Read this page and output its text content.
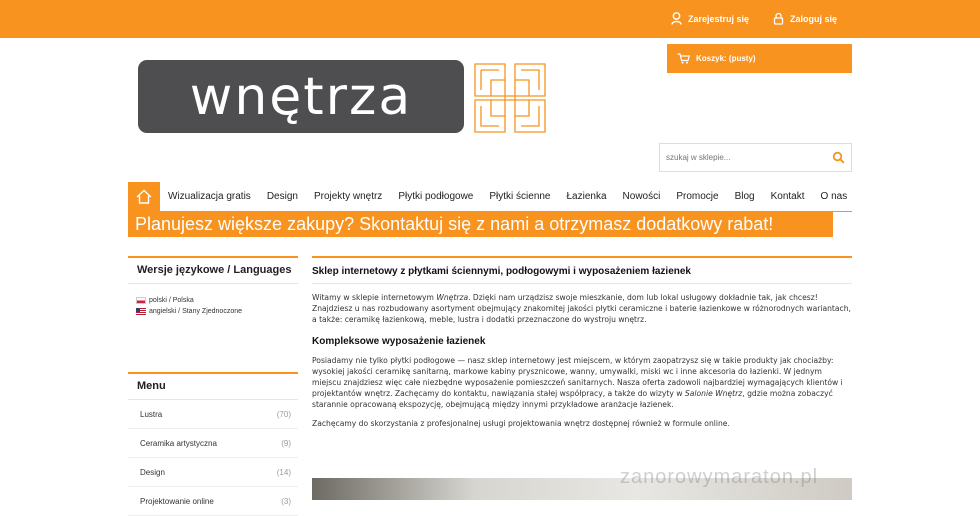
Zarejestruj się	Zaloguj się
wnętrza
Koszyk: (pusty)
szukaj w sklepie...
Wizualizacja gratis	Design	Projekty wnętrz	Płytki podłogowe	Płytki ścienne	Łazienka	Nowości	Promocje	Blog	Kontakt	O nas
Planujesz większe zakupy? Skontaktuj się z nami a otrzymasz dodatkowy rabat!
Wersje językowe / Languages
polski / Polska
angielski / Stany Zjednoczone
Menu
Lustra	(70)
Ceramika artystyczna	(9)
Design	(14)
Projektowanie online	(3)
Sklep internetowy z płytkami ściennymi, podłogowymi i wyposażeniem łazienek

Witamy w sklepie internetowym Wnętrza. Dzięki nam urządzisz swoje mieszkanie, dom lub lokal usługowy dokładnie tak, jak chcesz! Znajdziesz u nas rozbudowany asortyment obejmujący znakomitej jakości płytki ceramiczne i baterie łazienkowe w różnorodnych wariantach, a także: ceramikę łazienkową, meble, lustra i dodatki przeznaczone do wystroju wnętrz.

Kompleksowe wyposażenie łazienek

Posiadamy nie tylko płytki podłogowe — nasz sklep internetowy jest miejscem, w którym zaopatrzysz się w takie produkty jak chociażby: wysokiej jakości ceramikę sanitarną, markowe kabiny prysznicowe, wanny, umywalki, miski wc i inne akcesoria do łazienki. W jednym miejscu znajdziesz więc całe niezbędne wyposażenie pomieszczeń sanitarnych. Nasza oferta zadowoli najbardziej wymagających klientów i projektantów wnętrz. Zachęcamy do kontaktu, nawiązania stałej współpracy, a także do wizyty w Salonie Wnętrz, gdzie można zobaczyć starannie opracowaną ekspozycję, obejmującą między innymi przykładowe aranżacje łazienek.

Zachęcamy do skorzystania z profesjonalnej usługi projektowania wnętrz dostępnej również w formule online.

zanorowymaraton.pl
